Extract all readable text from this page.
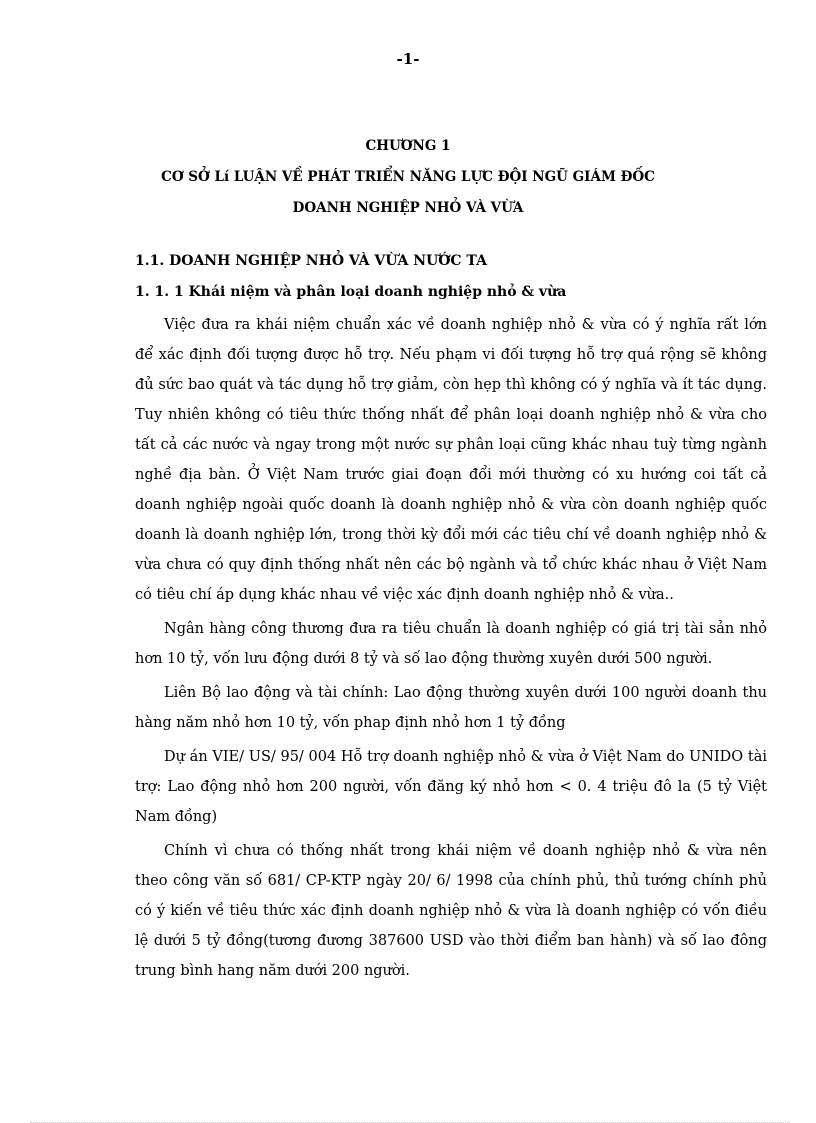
-1-
CHƯƠNG 1
CƠ SỞ Lí LUẬN VỀ PHÁT TRIỂN NĂNG LỰC ĐỘI NGŨ GIÁM ĐỐC
DOANH NGHIỆP NHỎ VÀ VỪA
1.1. DOANH NGHIỆP NHỎ VÀ VỪA NƯỚC TA
1. 1. 1 Khái niệm và phân loại doanh nghiệp nhỏ & vừa

Việc đưa ra khái niệm chuẩn xác về doanh nghiệp nhỏ & vừa có ý nghĩa rất lớn để xác định đối tượng được hỗ trợ. Nếu phạm vi đối tượng hỗ trợ quá rộng sẽ không đủ sức bao quát và tác dụng hỗ trợ giảm, còn hẹp thì không có ý nghĩa và ít tác dụng. Tuy nhiên không có tiêu thức thống nhất để phân loại doanh nghiệp nhỏ & vừa cho tất cả các nước và ngay trong một nước sự phân loại cũng khác nhau tuỳ từng ngành nghề địa bàn. Ở Việt Nam trước giai đoạn đổi mới thường có xu hướng coi tất cả doanh nghiệp ngoài quốc doanh là doanh nghiệp nhỏ & vừa còn doanh nghiệp quốc doanh là doanh nghiệp lớn, trong thời kỳ đổi mới các tiêu chí về doanh nghiệp nhỏ & vừa chưa có quy định thống nhất nên các bộ ngành và tổ chức khác nhau ở Việt Nam có tiêu chí áp dụng khác nhau về việc xác định doanh nghiệp nhỏ & vừa..

Ngân hàng công thương đưa ra tiêu chuẩn là doanh nghiệp có giá trị tài sản nhỏ hơn 10 tỷ, vốn lưu động dưới 8 tỷ và số lao động thường xuyên dưới 500 người.

Liên Bộ lao động và tài chính: Lao động thường xuyên dưới 100 người doanh thu hàng năm nhỏ hơn 10 tỷ, vốn phap định nhỏ hơn 1 tỷ đồng

Dự án VIE/ US/ 95/ 004 Hỗ trợ doanh nghiệp nhỏ & vừa ở Việt Nam do UNIDO tài trợ: Lao động nhỏ hơn 200 người, vốn đăng ký nhỏ hơn < 0. 4 triệu đô la (5 tỷ Việt Nam đồng)

Chính vì chưa có thống nhất trong khái niệm về doanh nghiệp nhỏ & vừa nên theo công văn số 681/ CP-KTP ngày 20/ 6/ 1998 của chính phủ, thủ tướng chính phủ có ý kiến về tiêu thức xác định doanh nghiệp nhỏ & vừa là doanh nghiệp có vốn điều lệ dưới 5 tỷ đồng(tương đương 387600 USD vào thời điểm ban hành) và số lao đông trung bình hang năm dưới 200 người.
